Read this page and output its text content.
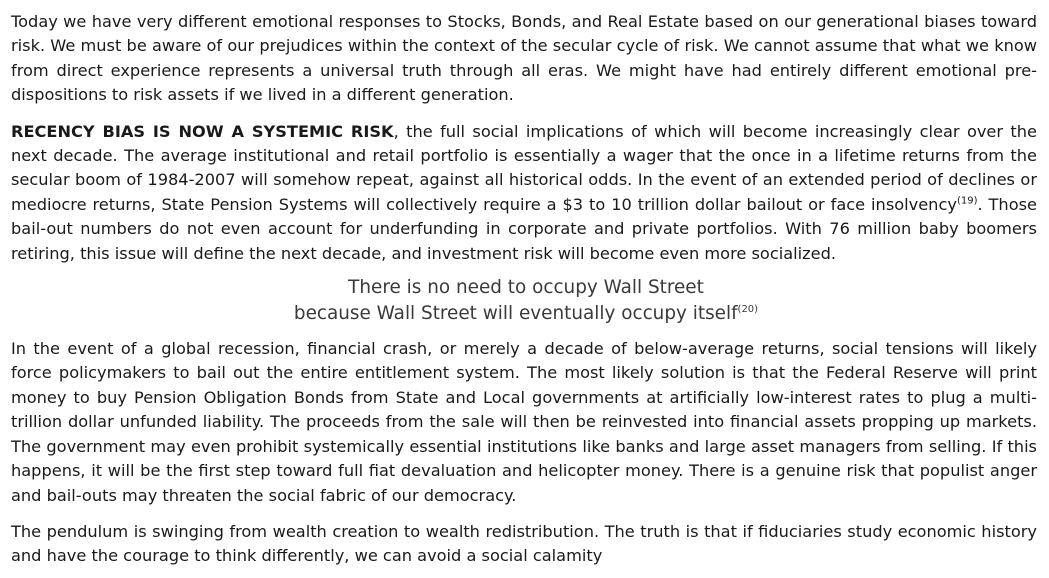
Today we have very different emotional responses to Stocks, Bonds, and Real Estate based on our generational biases toward risk. We must be aware of our prejudices within the context of the secular cycle of risk. We cannot assume that what we know from direct experience represents a universal truth through all eras. We might have had entirely different emotional pre-dispositions to risk assets if we lived in a different generation.

RECENCY BIAS IS NOW A SYSTEMIC RISK, the full social implications of which will become increasingly clear over the next decade. The average institutional and retail portfolio is essentially a wager that the once in a lifetime returns from the secular boom of 1984-2007 will somehow repeat, against all historical odds. In the event of an extended period of declines or mediocre returns, State Pension Systems will collectively require a $3 to 10 trillion dollar bailout or face insolvency$^{(19)}$. Those bail-out numbers do not even account for underfunding in corporate and private portfolios. With 76 million baby boomers retiring, this issue will define the next decade, and investment risk will become even more socialized.

There is no need to occupy Wall Street
because Wall Street will eventually occupy itself$^{(20)}$

In the event of a global recession, financial crash, or merely a decade of below-average returns, social tensions will likely force policymakers to bail out the entire entitlement system. The most likely solution is that the Federal Reserve will print money to buy Pension Obligation Bonds from State and Local governments at artificially low-interest rates to plug a multi-trillion dollar unfunded liability. The proceeds from the sale will then be reinvested into financial assets propping up markets. The government may even prohibit systemically essential institutions like banks and large asset managers from selling. If this happens, it will be the first step toward full fiat devaluation and helicopter money. There is a genuine risk that populist anger and bail-outs may threaten the social fabric of our democracy.

The pendulum is swinging from wealth creation to wealth redistribution. The truth is that if fiduciaries study economic history and have the courage to think differently, we can avoid a social calamity
